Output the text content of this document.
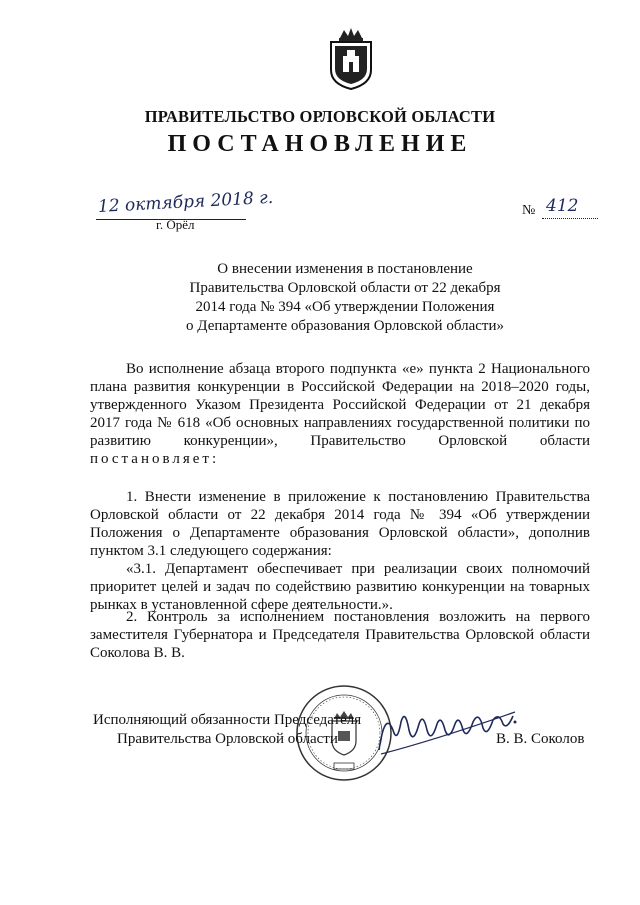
ПРАВИТЕЛЬСТВО ОРЛОВСКОЙ ОБЛАСТИ
ПОСТАНОВЛЕНИЕ
12 октября 2018 г.
г. Орёл
№ 412
О внесении изменения в постановление
Правительства Орловской области от 22 декабря
2014 года № 394 «Об утверждении Положения
о Департаменте образования Орловской области»
Во исполнение абзаца второго подпункта «е» пункта 2 Национального плана развития конкуренции в Российской Федерации на 2018–2020 годы, утвержденного Указом Президента Российской Федерации от 21 декабря 2017 года № 618 «Об основных направлениях государственной политики по развитию конкуренции», Правительство Орловской области постановляет:
1. Внести изменение в приложение к постановлению Правительства Орловской области от 22 декабря 2014 года № 394 «Об утверждении Положения о Департаменте образования Орловской области», дополнив пунктом 3.1 следующего содержания:
«3.1. Департамент обеспечивает при реализации своих полномочий приоритет целей и задач по содействию развитию конкуренции на товарных рынках в установленной сфере деятельности.».
2. Контроль за исполнением постановления возложить на первого заместителя Губернатора и Председателя Правительства Орловской области Соколова В. В.
Исполняющий обязанности Председателя
Правительства Орловской области	В. В. Соколов
